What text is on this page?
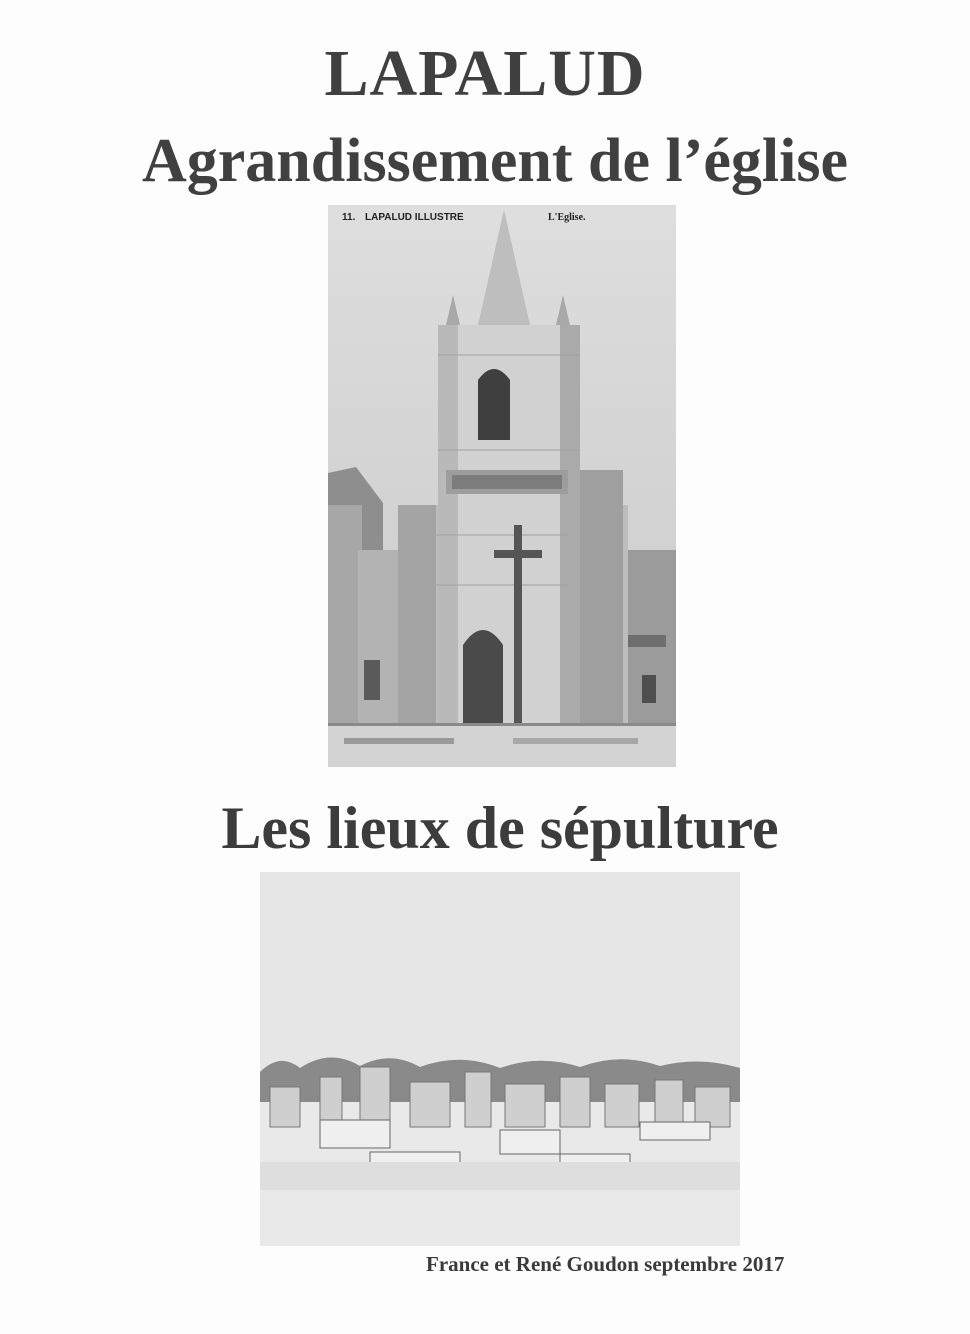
LAPALUD
Agrandissement de l’église
11. LAPALUD ILLUSTRE	L'Eglise.
Les lieux de sépulture
France et René Goudon septembre 2017
